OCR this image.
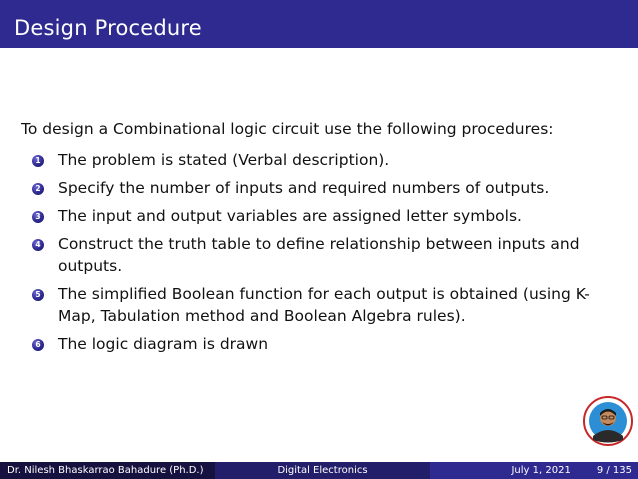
Design Procedure
To design a Combinational logic circuit use the following procedures:
1 The problem is stated (Verbal description).
2 Specify the number of inputs and required numbers of outputs.
3 The input and output variables are assigned letter symbols.
4 Construct the truth table to define relationship between inputs and outputs.
5 The simplified Boolean function for each output is obtained (using K-Map, Tabulation method and Boolean Algebra rules).
6 The logic diagram is drawn
Dr. Nilesh Bhaskarrao Bahadure (Ph.D.)	Digital Electronics	July 1, 2021	9 / 135
